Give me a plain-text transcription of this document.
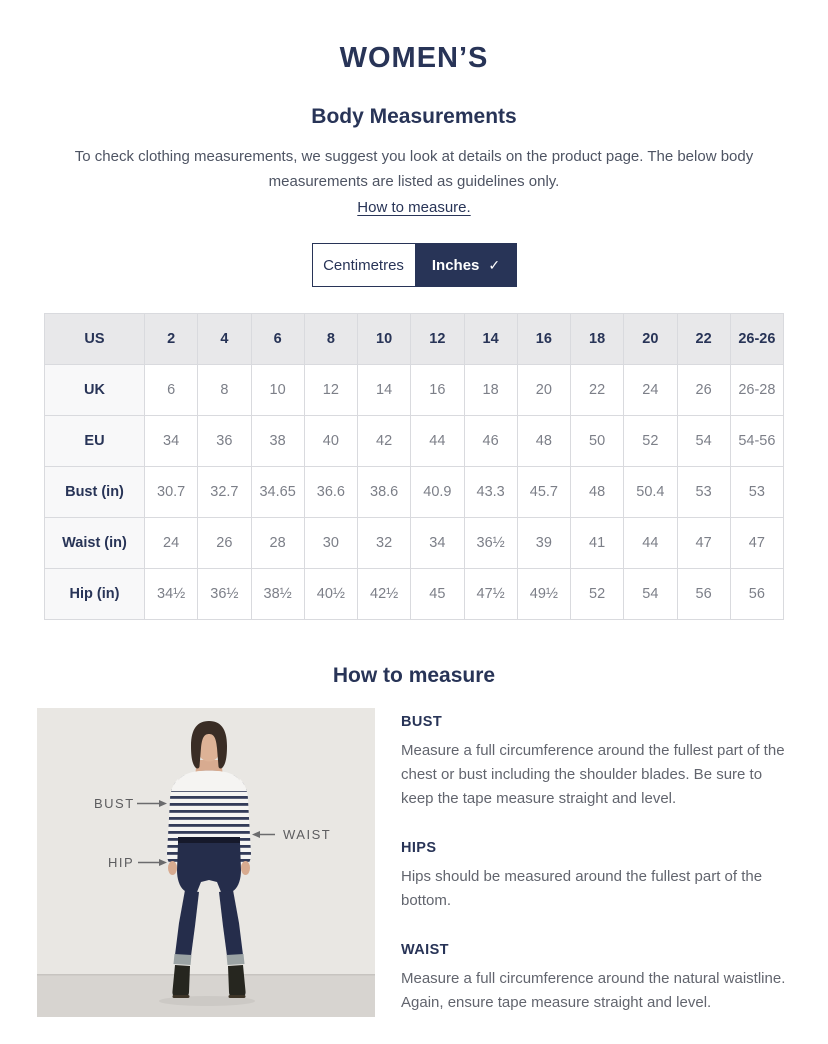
WOMEN’S
Body Measurements

To check clothing measurements, we suggest you look at details on the product page. The below body measurements are listed as guidelines only.

How to measure.
Centimetres	Inches ✓
US	2	4	6	8	10	12	14	16	18	20	22	26-26
UK	6	8	10	12	14	16	18	20	22	24	26	26-28
EU	34	36	38	40	42	44	46	48	50	52	54	54-56
Bust (in)	30.7	32.7	34.65	36.6	38.6	40.9	43.3	45.7	48	50.4	53	53
Waist (in)	24	26	28	30	32	34	36½	39	41	44	47	47
Hip (in)	34½	36½	38½	40½	42½	45	47½	49½	52	54	56	56
How to measure
BUST
WAIST
HIP
BUST

Measure a full circumference around the fullest part of the chest or bust including the shoulder blades. Be sure to keep the tape measure straight and level.

HIPS

Hips should be measured around the fullest part of the bottom.

WAIST

Measure a full circumference around the natural waistline. Again, ensure tape measure straight and level.
